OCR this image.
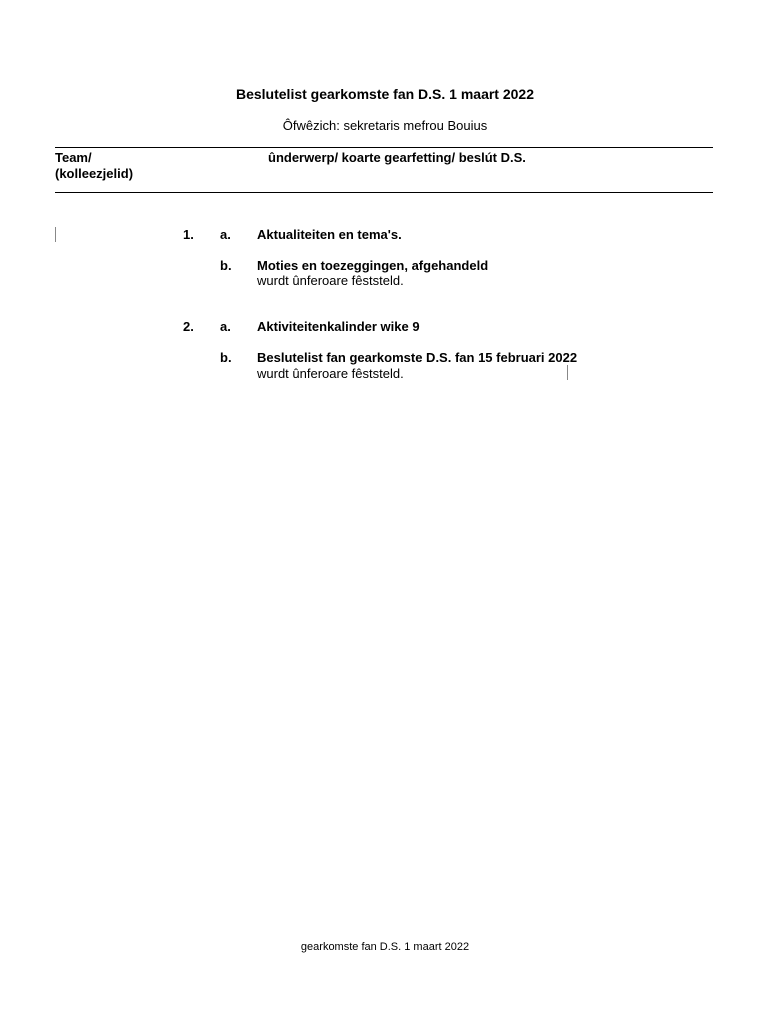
Beslutelist gearkomste fan D.S. 1 maart 2022
Ôfwêzich: sekretaris mefrou Bouius
Team/
(kolleezjelid)
ûnderwerp/ koarte gearfetting/ beslút D.S.
1. a. Aktualiteiten en tema's.
b. Moties en toezeggingen, afgehandeld
wurdt ûnferoare fêststeld.
2. a. Aktiviteitenkalinder wike 9
b. Beslutelist fan gearkomste D.S. fan 15 februari 2022
wurdt ûnferoare fêststeld.
gearkomste fan D.S. 1 maart 2022
